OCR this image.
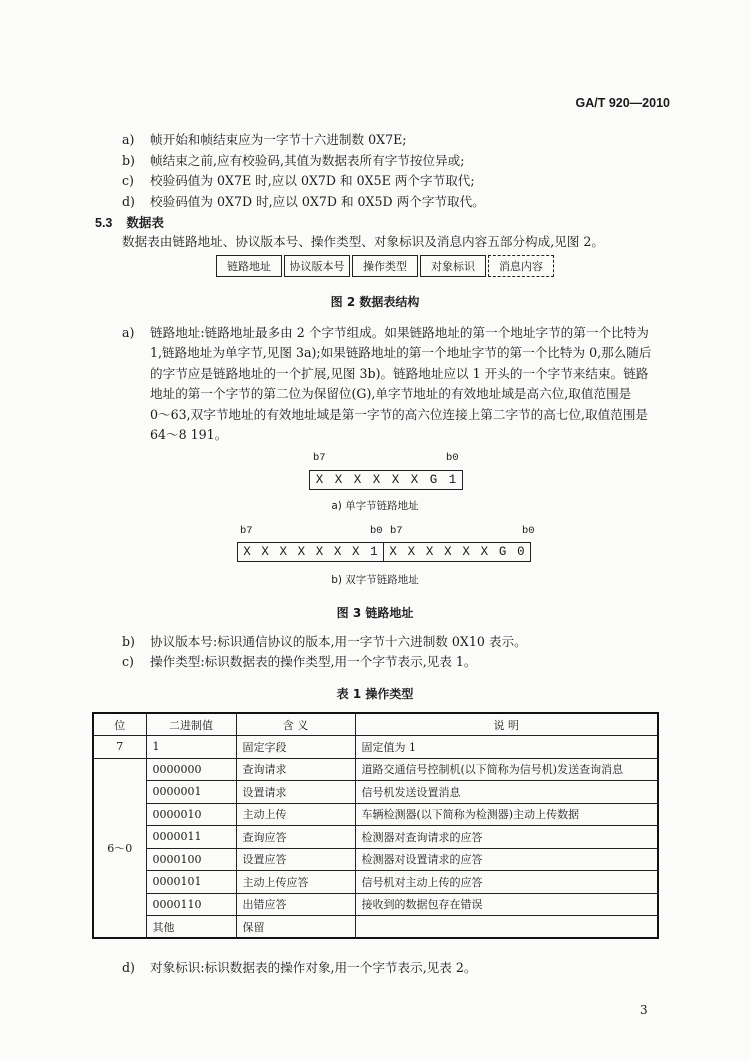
GA/T 920—2010
a) 帧开始和帧结束应为一字节十六进制数 0X7E;
b) 帧结束之前,应有校验码,其值为数据表所有字节按位异或;
c) 校验码值为 0X7E 时,应以 0X7D 和 0X5E 两个字节取代;
d) 校验码值为 0X7D 时,应以 0X7D 和 0X5D 两个字节取代。
5.3 数据表
数据表由链路地址、协议版本号、操作类型、对象标识及消息内容五部分构成,见图 2。
链路地址	协议版本号	操作类型	对象标识	消息内容
图 2 数据表结构
a) 链路地址:链路地址最多由 2 个字节组成。如果链路地址的第一个地址字节的第一个比特为
1,链路地址为单字节,见图 3a);如果链路地址的第一个地址字节的第一个比特为 0,那么随后
的字节应是链路地址的一个扩展,见图 3b)。链路地址应以 1 开头的一个字节来结束。链路
地址的第一个字节的第二位为保留位(G),单字节地址的有效地址域是高六位,取值范围是
0～63,双字节地址的有效地址域是第一字节的高六位连接上第二字节的高七位,取值范围是
64～8 191。
b7	b0
X X X X X X G 1
a) 单字节链路地址
b7	b0 b7	b0
X X X X X X X 1 X X X X X X G 0
b) 双字节链路地址
图 3 链路地址
b) 协议版本号:标识通信协议的版本,用一字节十六进制数 0X10 表示。
c) 操作类型:标识数据表的操作类型,用一个字节表示,见表 1。
表 1 操作类型
位	二进制值	含 义	说 明
7	1	固定字段	固定值为 1
6～0	0000000	查询请求	道路交通信号控制机(以下简称为信号机)发送查询消息
	0000001	设置请求	信号机发送设置消息
	0000010	主动上传	车辆检测器(以下简称为检测器)主动上传数据
	0000011	查询应答	检测器对查询请求的应答
	0000100	设置应答	检测器对设置请求的应答
	0000101	主动上传应答	信号机对主动上传的应答
	0000110	出错应答	接收到的数据包存在错误
	其他	保留	
d) 对象标识:标识数据表的操作对象,用一个字节表示,见表 2。
3
